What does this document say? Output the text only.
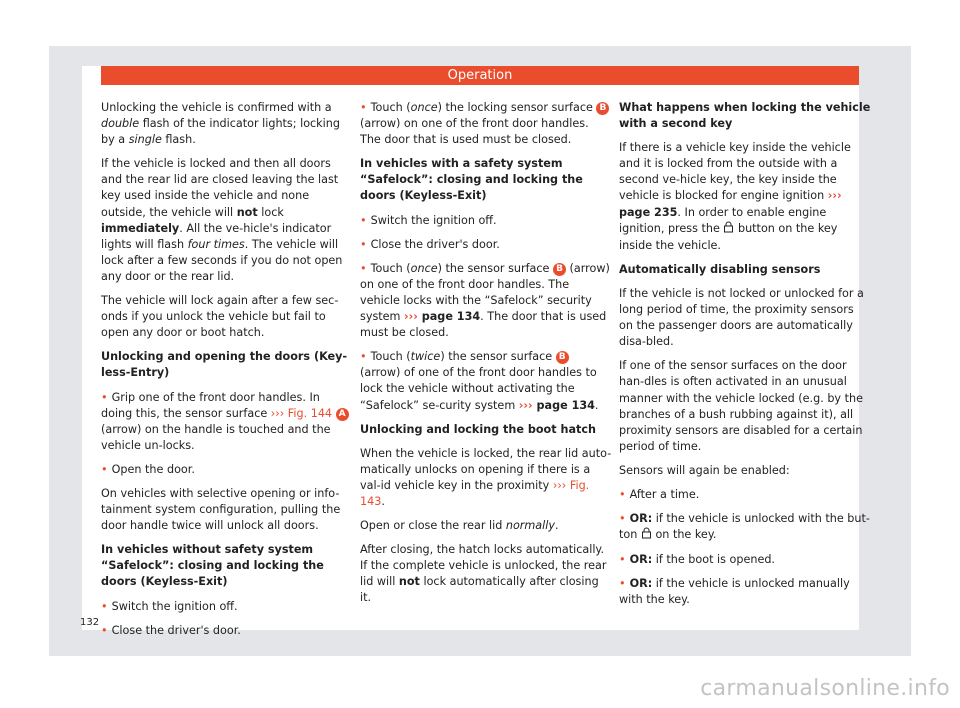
Operation

Unlocking the vehicle is confirmed with a double flash of the indicator lights; locking by a single flash.

If the vehicle is locked and then all doors and the rear lid are closed leaving the last key used inside the vehicle and none outside, the vehicle will not lock immediately. All the ve-hicle's indicator lights will flash four times. The vehicle will lock after a few seconds if you do not open any door or the rear lid.

The vehicle will lock again after a few sec-onds if you unlock the vehicle but fail to open any door or boot hatch.

Unlocking and opening the doors (Key-less-Entry)

• Grip one of the front door handles. In doing this, the sensor surface ››› Fig. 144 A (arrow) on the handle is touched and the vehicle un-locks.

• Open the door.

On vehicles with selective opening or info-tainment system configuration, pulling the door handle twice will unlock all doors.

In vehicles without safety system “Safelock”: closing and locking the doors (Keyless-Exit)

• Switch the ignition off.

• Close the driver's door.

• Touch (once) the locking sensor surface B (arrow) on one of the front door handles. The door that is used must be closed.

In vehicles with a safety system “Safelock”: closing and locking the doors (Keyless-Exit)

• Switch the ignition off.

• Close the driver's door.

• Touch (once) the sensor surface B (arrow) on one of the front door handles. The vehicle locks with the “Safelock” security system ››› page 134. The door that is used must be closed.

• Touch (twice) the sensor surface B (arrow) of one of the front door handles to lock the vehicle without activating the “Safelock” se-curity system ››› page 134.

Unlocking and locking the boot hatch

When the vehicle is locked, the rear lid auto-matically unlocks on opening if there is a val-id vehicle key in the proximity ››› Fig. 143.

Open or close the rear lid normally.

After closing, the hatch locks automatically. If the complete vehicle is unlocked, the rear lid will not lock automatically after closing it.

What happens when locking the vehicle with a second key

If there is a vehicle key inside the vehicle and it is locked from the outside with a second ve-hicle key, the key inside the vehicle is blocked for engine ignition ››› page 235. In order to enable engine ignition, press the  button on the key inside the vehicle.

Automatically disabling sensors

If the vehicle is not locked or unlocked for a long period of time, the proximity sensors on the passenger doors are automatically disa-bled.

If one of the sensor surfaces on the door han-dles is often activated in an unusual manner with the vehicle locked (e.g. by the branches of a bush rubbing against it), all proximity sensors are disabled for a certain period of time.

Sensors will again be enabled:

• After a time.

• OR: if the vehicle is unlocked with the but-ton  on the key.

• OR: if the boot is opened.

• OR: if the vehicle is unlocked manually with the key.

132
carmanualsonline.info
